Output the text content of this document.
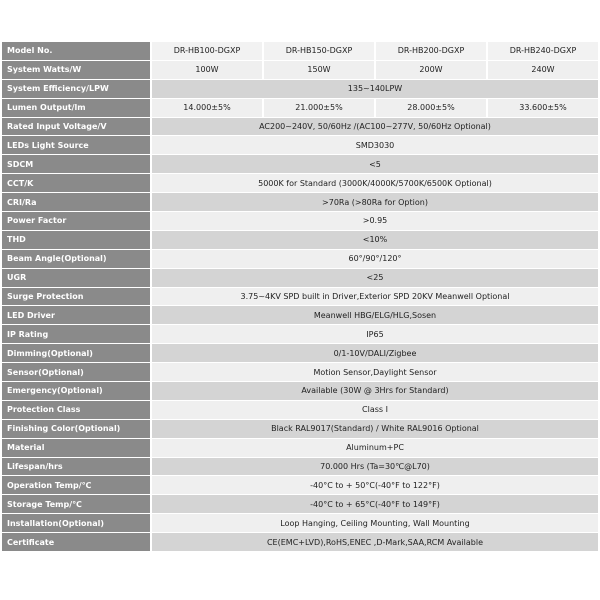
Model No.	DR-HB100-DGXP	DR-HB150-DGXP	DR-HB200-DGXP	DR-HB240-DGXP
System Watts/W	100W	150W	200W	240W
System Efficiency/LPW	135~140LPW
Lumen Output/lm	14.000±5%	21.000±5%	28.000±5%	33.600±5%
Rated Input Voltage/V	AC200~240V, 50/60Hz /(AC100~277V, 50/60Hz Optional)
LEDs Light Source	SMD3030
SDCM	<5
CCT/K	5000K for Standard (3000K/4000K/5700K/6500K Optional)
CRI/Ra	>70Ra (>80Ra for Option)
Power Factor	>0.95
THD	<10%
Beam Angle(Optional)	60°/90°/120°
UGR	<25
Surge Protection	3.75~4KV SPD built in Driver,Exterior SPD 20KV Meanwell Optional
LED Driver	Meanwell HBG/ELG/HLG,Sosen
IP Rating	IP65
Dimming(Optional)	0/1-10V/DALI/Zigbee
Sensor(Optional)	Motion Sensor,Daylight Sensor
Emergency(Optional)	Available (30W @ 3Hrs for Standard)
Protection Class	Class Ⅰ
Finishing Color(Optional)	Black RAL9017(Standard) / White RAL9016 Optional
Material	Aluminum+PC
Lifespan/hrs	70.000 Hrs (Ta=30℃@L70)
Operation Temp/℃	-40°C to + 50°C(-40°F to 122°F)
Storage Temp/℃	-40°C to + 65°C(-40°F to 149°F)
Installation(Optional)	Loop Hanging, Ceiling Mounting, Wall Mounting
Certificate	CE(EMC+LVD),RoHS,ENEC ,D-Mark,SAA,RCM Available
